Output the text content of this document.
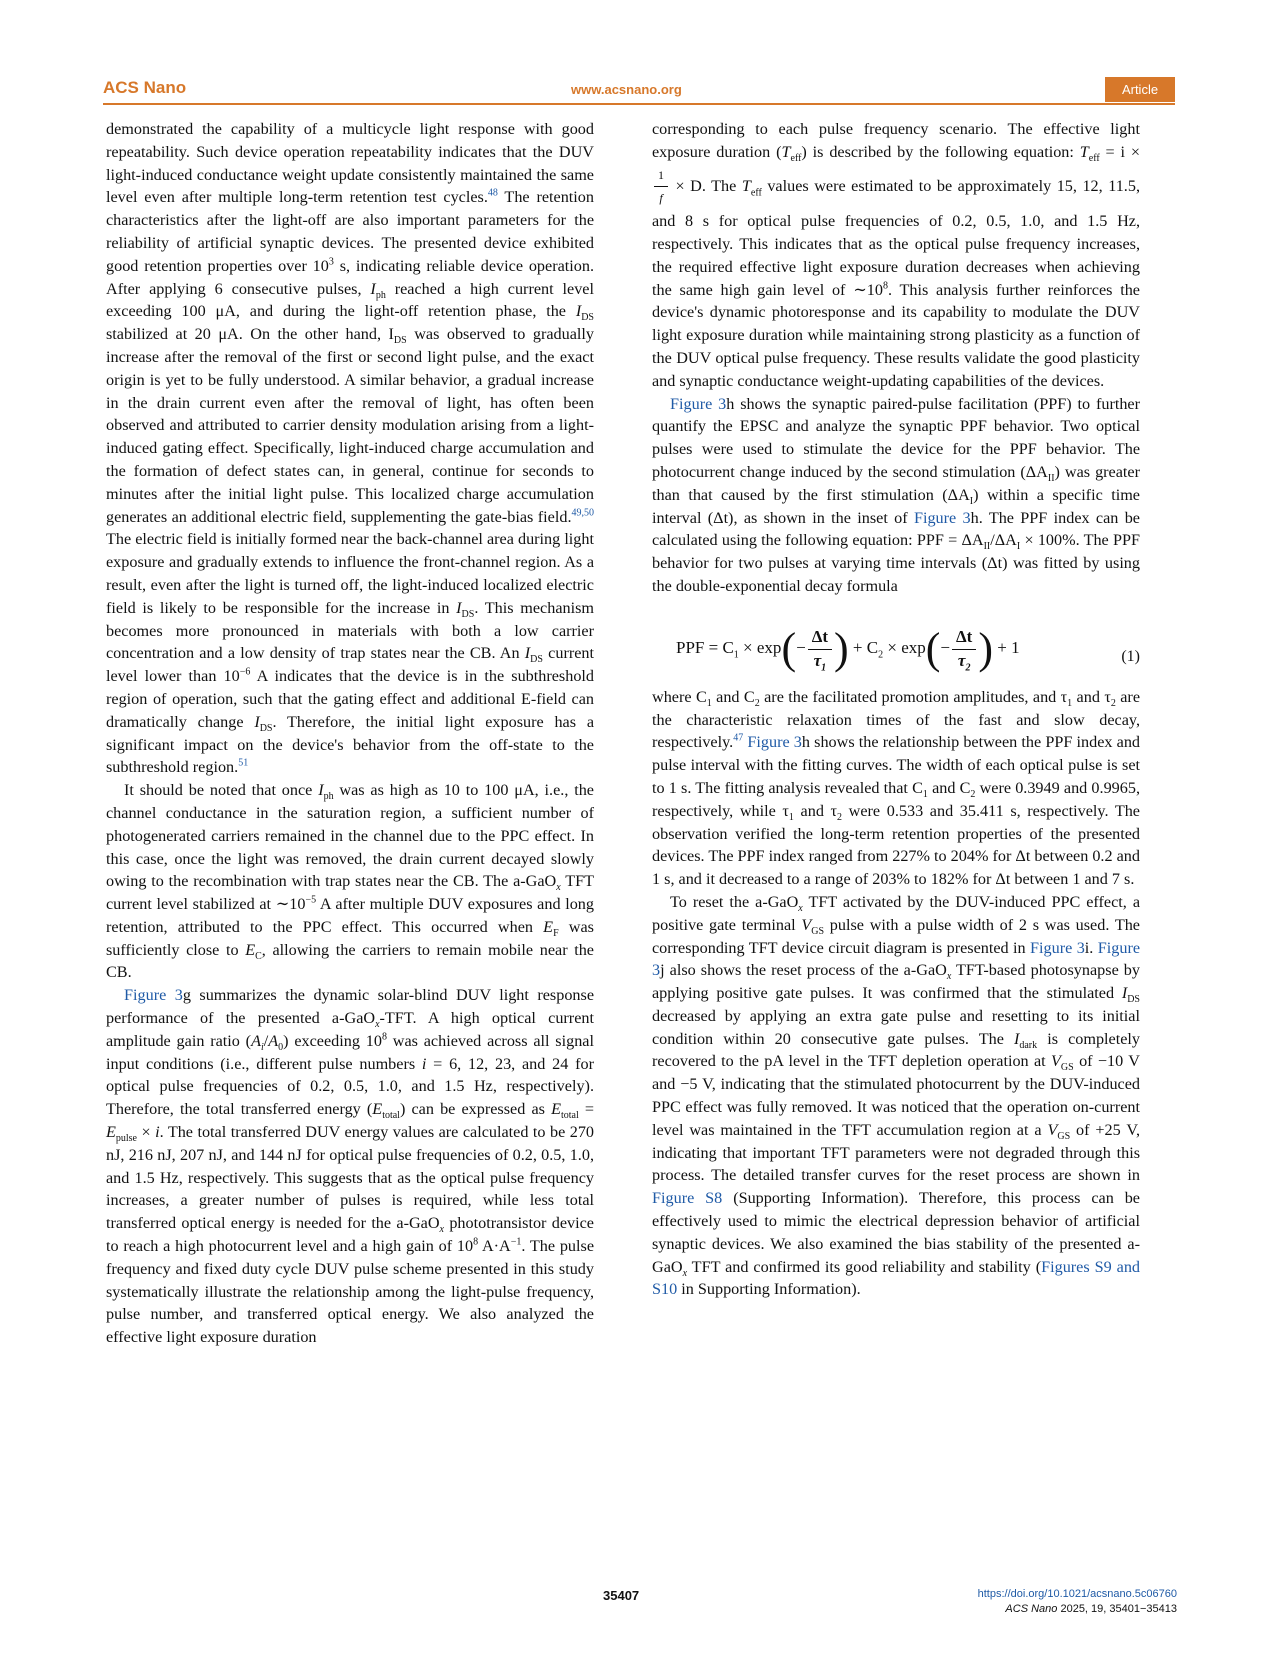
ACS Nano	www.acsnano.org	Article

demonstrated the capability of a multicycle light response with good repeatability. Such device operation repeatability indicates that the DUV light-induced conductance weight update consistently maintained the same level even after multiple long-term retention test cycles.$^{48}$ The retention characteristics after the light-off are also important parameters for the reliability of artificial synaptic devices. The presented device exhibited good retention properties over $10^3$ s, indicating reliable device operation. After applying 6 consecutive pulses, $I_{ph}$ reached a high current level exceeding 100 μA, and during the light-off retention phase, the $I_{DS}$ stabilized at 20 μA. On the other hand, $I_{DS}$ was observed to gradually increase after the removal of the first or second light pulse, and the exact origin is yet to be fully understood. A similar behavior, a gradual increase in the drain current even after the removal of light, has often been observed and attributed to carrier density modulation arising from a light-induced gating effect. Specifically, light-induced charge accumulation and the formation of defect states can, in general, continue for seconds to minutes after the initial light pulse. This localized charge accumulation generates an additional electric field, supplementing the gate-bias field.$^{49,50}$ The electric field is initially formed near the back-channel area during light exposure and gradually extends to influence the front-channel region. As a result, even after the light is turned off, the light-induced localized electric field is likely to be responsible for the increase in $I_{DS}$. This mechanism becomes more pronounced in materials with both a low carrier concentration and a low density of trap states near the CB. An $I_{DS}$ current level lower than $10^{-6}$ A indicates that the device is in the subthreshold region of operation, such that the gating effect and additional E-field can dramatically change $I_{DS}$. Therefore, the initial light exposure has a significant impact on the device's behavior from the off-state to the subthreshold region.$^{51}$

It should be noted that once $I_{ph}$ was as high as 10 to 100 μA, i.e., the channel conductance in the saturation region, a sufficient number of photogenerated carriers remained in the channel due to the PPC effect. In this case, once the light was removed, the drain current decayed slowly owing to the recombination with trap states near the CB. The a-GaO$_x$ TFT current level stabilized at $\sim 10^{-5}$ A after multiple DUV exposures and long retention, attributed to the PPC effect. This occurred when $E_F$ was sufficiently close to $E_C$, allowing the carriers to remain mobile near the CB.

Figure 3g summarizes the dynamic solar-blind DUV light response performance of the presented a-GaO$_x$-TFT. A high optical current amplitude gain ratio $(A_i/A_0)$ exceeding $10^8$ was achieved across all signal input conditions (i.e., different pulse numbers i = 6, 12, 23, and 24 for optical pulse frequencies of 0.2, 0.5, 1.0, and 1.5 Hz, respectively). Therefore, the total transferred energy $(E_{total})$ can be expressed as $E_{total} = E_{pulse} \times i$. The total transferred DUV energy values are calculated to be 270 nJ, 216 nJ, 207 nJ, and 144 nJ for optical pulse frequencies of 0.2, 0.5, 1.0, and 1.5 Hz, respectively. This suggests that as the optical pulse frequency increases, a greater number of pulses is required, while less total transferred optical energy is needed for the a-GaO$_x$ phototransistor device to reach a high photocurrent level and a high gain of $10^8$ $A\cdot A^{-1}$. The pulse frequency and fixed duty cycle DUV pulse scheme presented in this study systematically illustrate the relationship among the light-pulse frequency, pulse number, and transferred optical energy. We also analyzed the effective light exposure duration

corresponding to each pulse frequency scenario. The effective light exposure duration $(T_{eff})$ is described by the following equation: $T_{eff} = i$ ×
$\frac{1}{f} \times D$. The $T_{eff}$ values were estimated to be approximately 15, 12, 11.5, and 8 s for optical pulse frequencies of 0.2, 0.5, 1.0, and 1.5 Hz, respectively. This indicates that as the optical pulse frequency increases, the required effective light exposure duration decreases when achieving the same high gain level of $\sim 10^8$. This analysis further reinforces the device's dynamic photoresponse and its capability to modulate the DUV light exposure duration while maintaining strong plasticity as a function of the DUV optical pulse frequency. These results validate the good plasticity and synaptic conductance weight-updating capabilities of the devices.

Figure 3h shows the synaptic paired-pulse facilitation (PPF) to further quantify the EPSC and analyze the synaptic PPF behavior. Two optical pulses were used to stimulate the device for the PPF behavior. The photocurrent change induced by the second stimulation $(\Delta A_{II})$ was greater than that caused by the first stimulation $(\Delta A_I)$ within a specific time interval (Δt), as shown in the inset of Figure 3h. The PPF index can be calculated using the following equation: PPF = $\Delta A_{II}/\Delta A_I \times 100\%$. The PPF behavior for two pulses at varying time intervals (Δt) was fitted by using the double-exponential decay formula

PPF = $C_1 \times \exp(- \frac{\Delta t}{\tau_1}$ ) + $C_2 \times \exp(- \frac{\Delta t}{\tau_2}$ ) + 1	(1)

where $C_1$ and $C_2$ are the facilitated promotion amplitudes, and $\tau_1$ and $\tau_2$ are the characteristic relaxation times of the fast and slow decay, respectively.$^{47}$ Figure 3h shows the relationship between the PPF index and pulse interval with the fitting curves. The width of each optical pulse is set to 1 s. The fitting analysis revealed that $C_1$ and $C_2$ were 0.3949 and 0.9965, respectively, while $\tau_1$ and $\tau_2$ were 0.533 and 35.411 s, respectively. The observation verified the long-term retention properties of the presented devices. The PPF index ranged from 227% to 204% for Δt between 0.2 and 1 s, and it decreased to a range of 203% to 182% for Δt between 1 and 7 s.

To reset the a-GaO$_x$ TFT activated by the DUV-induced PPC effect, a positive gate terminal $V_{GS}$ pulse with a pulse width of 2 s was used. The corresponding TFT device circuit diagram is presented in Figure 3i. Figure 3j also shows the reset process of the a-GaO$_x$ TFT-based photosynapse by applying positive gate pulses. It was confirmed that the stimulated $I_{DS}$ decreased by applying an extra gate pulse and resetting to its initial condition within 20 consecutive gate pulses. The $I_{dark}$ is completely recovered to the pA level in the TFT depletion operation at $V_{GS}$ of −10 V and −5 V, indicating that the stimulated photocurrent by the DUV-induced PPC effect was fully removed. It was noticed that the operation on-current level was maintained in the TFT accumulation region at a $V_{GS}$ of +25 V, indicating that important TFT parameters were not degraded through this process. The detailed transfer curves for the reset process are shown in Figure S8 (Supporting Information). Therefore, this process can be effectively used to mimic the electrical depression behavior of artificial synaptic devices. We also examined the bias stability of the presented a-GaO$_x$ TFT and confirmed its good reliability and stability (Figures S9 and S10 in Supporting Information).

35407	https://doi.org/10.1021/acsnano.5c06760
ACS Nano 2025, 19, 35401−35413
